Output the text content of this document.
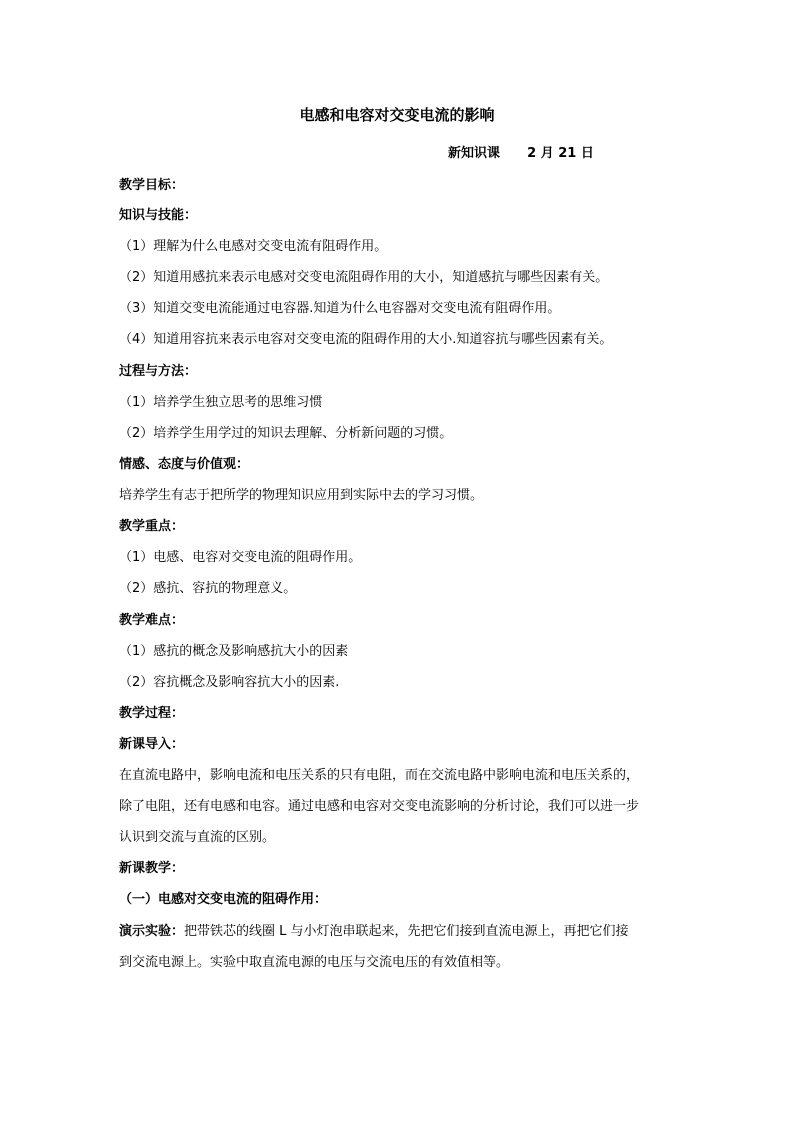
电感和电容对交变电流的影响
新知识课      2 月 21 日
教学目标：
知识与技能：
（1）理解为什么电感对交变电流有阻碍作用。
（2）知道用感抗来表示电感对交变电流阻碍作用的大小，知道感抗与哪些因素有关。
（3）知道交变电流能通过电容器.知道为什么电容器对交变电流有阻碍作用。
（4）知道用容抗来表示电容对交变电流的阻碍作用的大小.知道容抗与哪些因素有关。
过程与方法：
（1）培养学生独立思考的思维习惯
（2）培养学生用学过的知识去理解、分析新问题的习惯。
情感、态度与价值观：
培养学生有志于把所学的物理知识应用到实际中去的学习习惯。
教学重点：
（1）电感、电容对交变电流的阻碍作用。
（2）感抗、容抗的物理意义。
教学难点：
（1）感抗的概念及影响感抗大小的因素
（2）容抗概念及影响容抗大小的因素.
教学过程：
新课导入：
在直流电路中，影响电流和电压关系的只有电阻，而在交流电路中影响电流和电压关系的，
除了电阻，还有电感和电容。通过电感和电容对交变电流影响的分析讨论，我们可以进一步
认识到交流与直流的区别。
新课教学：
（一）电感对交变电流的阻碍作用：
演示实验：把带铁芯的线圈 L 与小灯泡串联起来，先把它们接到直流电源上，再把它们接
到交流电源上。实验中取直流电源的电压与交流电压的有效值相等。
